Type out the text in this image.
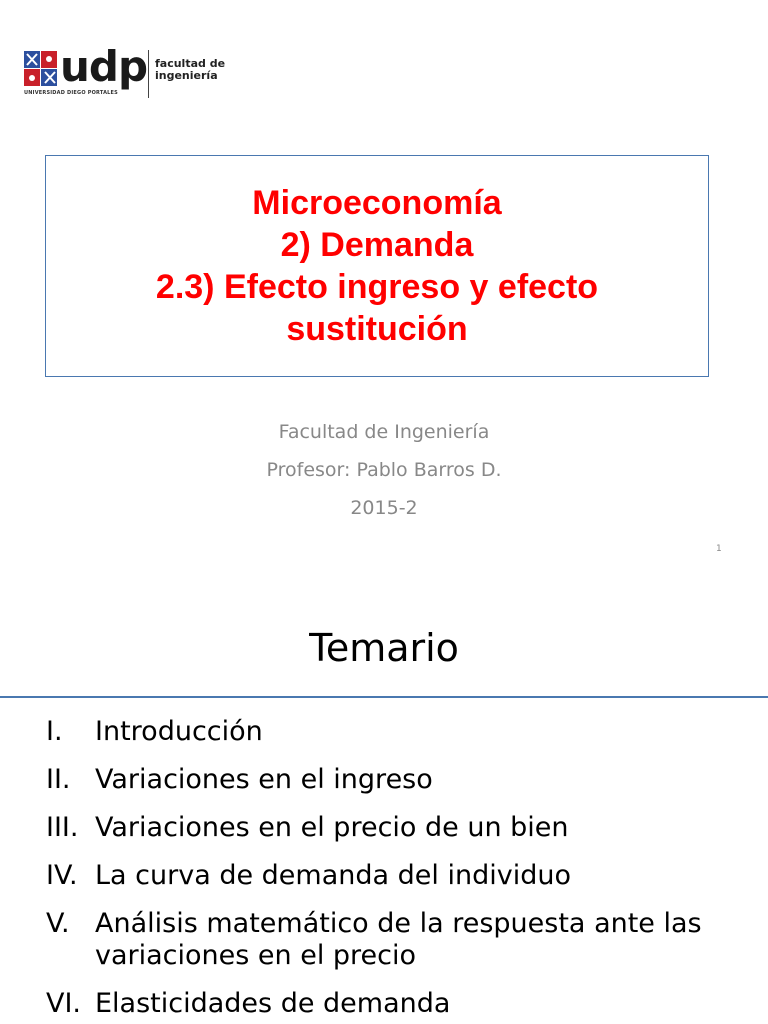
udp
UNIVERSIDAD DIEGO PORTALES
facultad de
ingeniería
Microeconomía
2) Demanda
2.3) Efecto ingreso y efecto
sustitución
Facultad de Ingeniería
Profesor: Pablo Barros D.
2015-2
1
Temario
I.	Introducción
II. Variaciones en el ingreso
III. Variaciones en el precio de un bien
IV. La curva de demanda del individuo
V. Análisis matemático de la respuesta ante las variaciones en el precio
VI. Elasticidades de demanda
